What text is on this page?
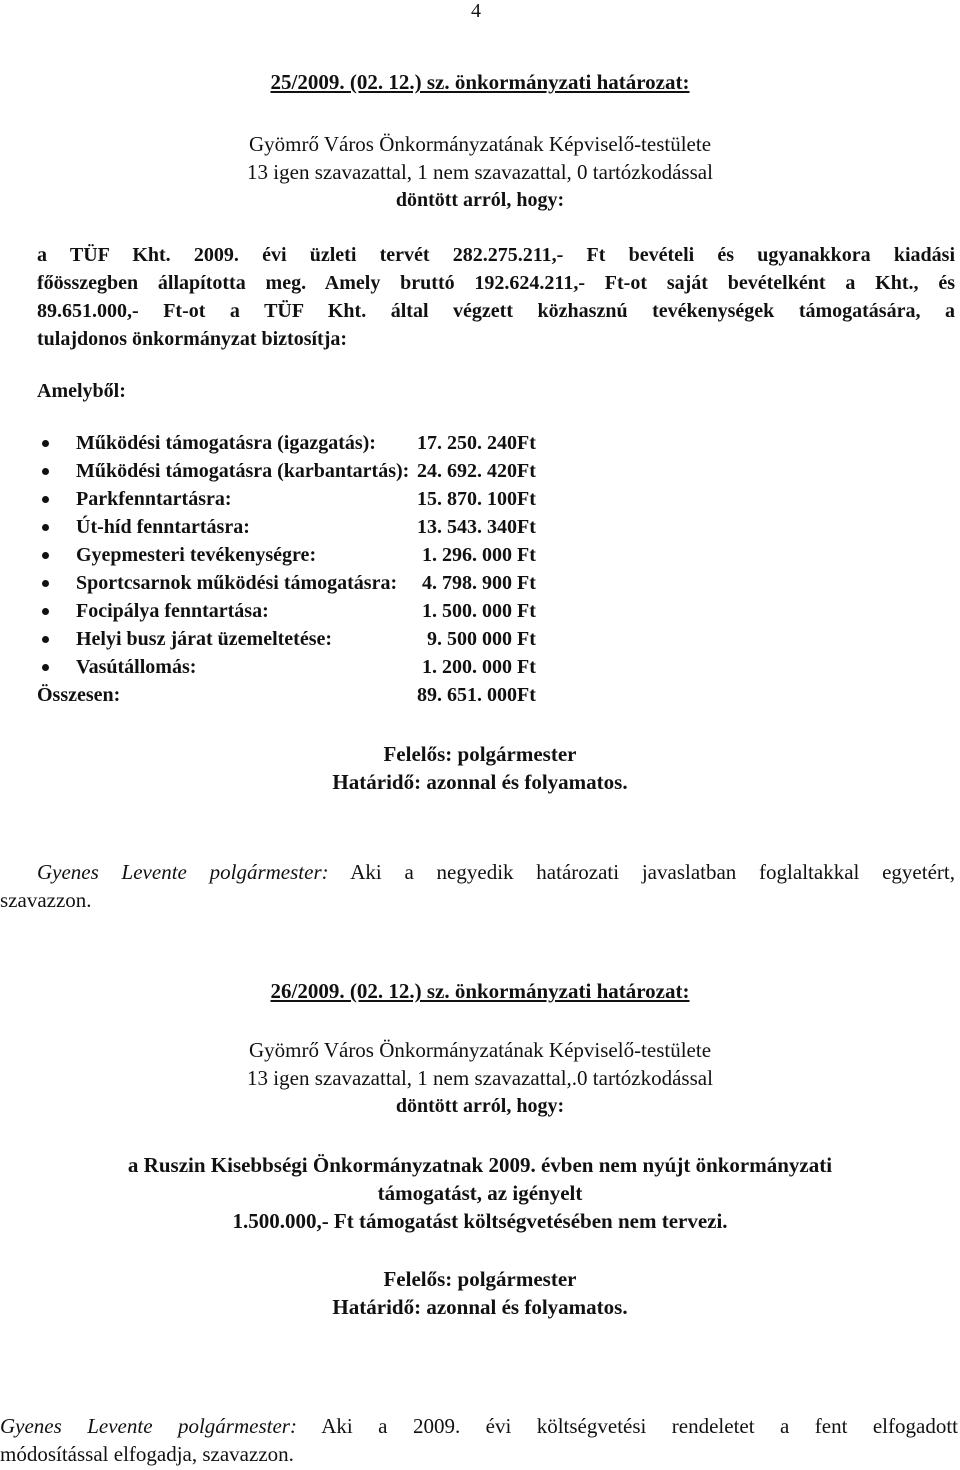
4
25/2009. (02. 12.) sz. önkormányzati határozat:
Gyömrő Város Önkormányzatának Képviselő-testülete
13 igen szavazattal, 1 nem szavazattal, 0 tartózkodással
döntött arról, hogy:
a TÜF Kht. 2009. évi üzleti tervét 282.275.211,- Ft bevételi és ugyanakkora kiadási
főösszegben állapította meg. Amely bruttó 192.624.211,- Ft-ot saját bevételként a Kht., és
89.651.000,- Ft-ot a TÜF Kht. által végzett közhasznú tevékenységek támogatására, a
tulajdonos önkormányzat biztosítja:
Amelyből:
Működési támogatásra (igazgatás): 17. 250. 240 Ft
Működési támogatásra (karbantartás): 24. 692. 420 Ft
Parkfenntartásra:	15. 870. 100 Ft
Út-híd fenntartásra:	13. 543. 340 Ft
Gyepmesteri tevékenységre:	1. 296. 000 Ft
Sportcsarnok működési támogatásra: 4. 798. 900 Ft
Focipálya fenntartása:	1. 500. 000 Ft
Helyi busz járat üzemeltetése:	9. 500 000 Ft
Vasútállomás:	1. 200. 000 Ft
Összesen:	89. 651. 000 Ft
Felelős: polgármester
Határidő: azonnal és folyamatos.
Gyenes Levente polgármester: Aki a negyedik határozati javaslatban foglaltakkal egyetért,
szavazzon.
26/2009. (02. 12.) sz. önkormányzati határozat:
Gyömrő Város Önkormányzatának Képviselő-testülete
13 igen szavazattal, 1 nem szavazattal,.0 tartózkodással
döntött arról, hogy:
a Ruszin Kisebbségi Önkormányzatnak 2009. évben nem nyújt önkormányzati
támogatást, az igényelt
1.500.000,- Ft támogatást költségvetésében nem tervezi.
Felelős: polgármester
Határidő: azonnal és folyamatos.
Gyenes Levente polgármester: Aki a 2009. évi költségvetési rendeletet a fent elfogadott
módosítással elfogadja, szavazzon.
